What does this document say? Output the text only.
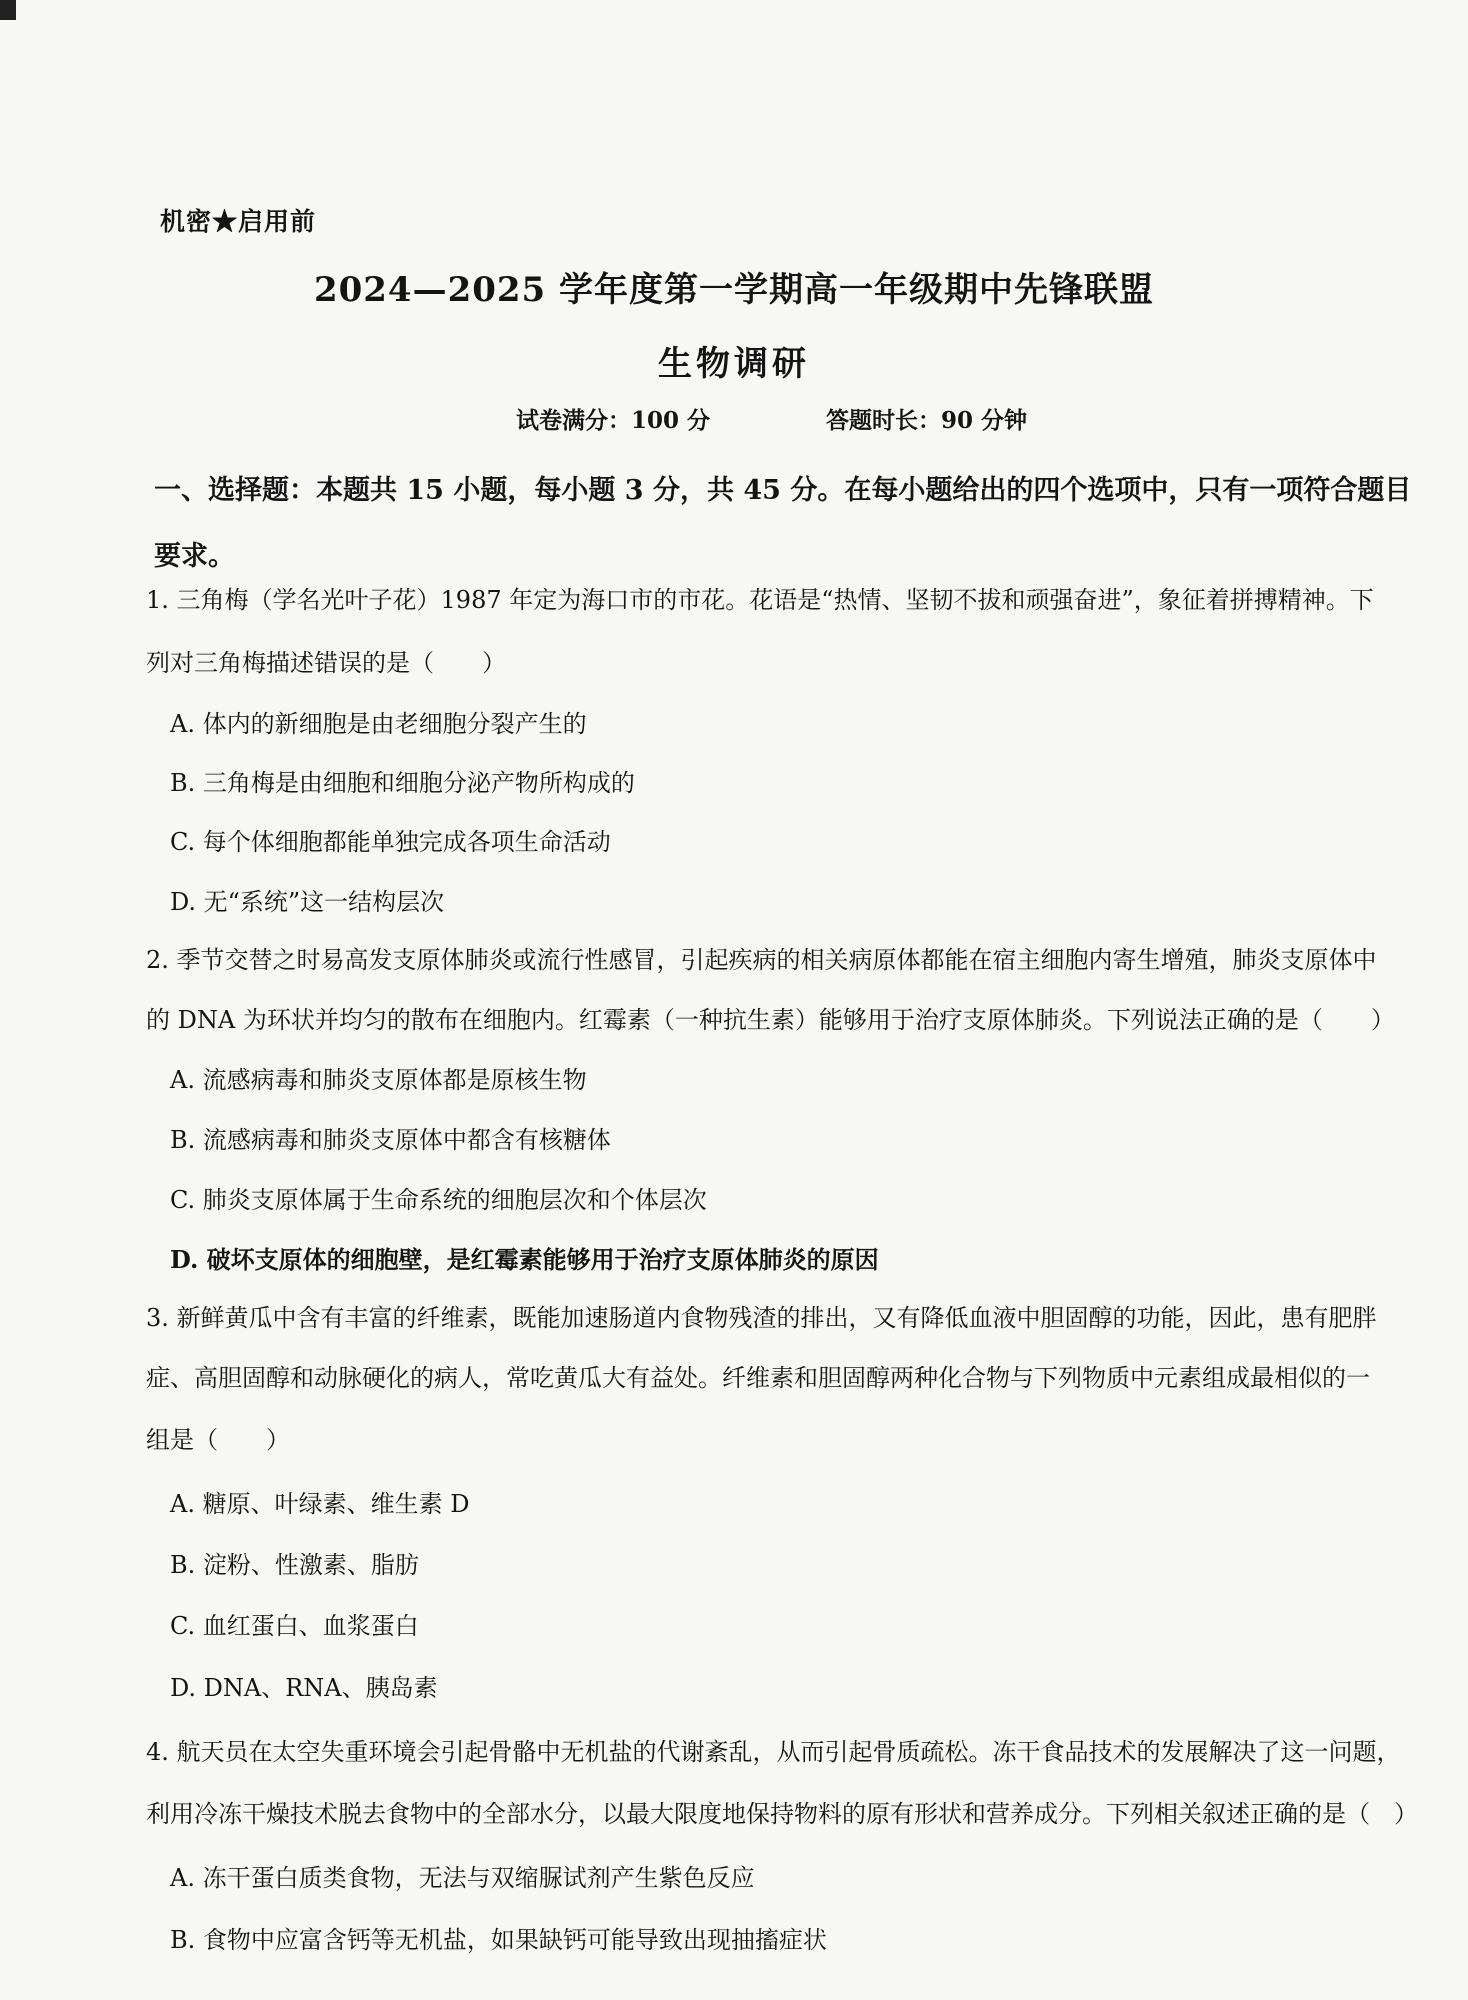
机密★启用前
2024—2025 学年度第一学期高一年级期中先锋联盟
生物调研
试卷满分：100 分	答题时长：90 分钟
一、选择题：本题共 15 小题，每小题 3 分，共 45 分。在每小题给出的四个选项中，只有一项符合题目要求。
1. 三角梅（学名光叶子花）1987 年定为海口市的市花。花语是“热情、坚韧不拔和顽强奋进”，象征着拼搏精神。下
列对三角梅描述错误的是（　　）
A. 体内的新细胞是由老细胞分裂产生的
B. 三角梅是由细胞和细胞分泌产物所构成的
C. 每个体细胞都能单独完成各项生命活动
D. 无“系统”这一结构层次
2. 季节交替之时易高发支原体肺炎或流行性感冒，引起疾病的相关病原体都能在宿主细胞内寄生增殖，肺炎支原体中
的 DNA 为环状并均匀的散布在细胞内。红霉素（一种抗生素）能够用于治疗支原体肺炎。下列说法正确的是（　　）
A. 流感病毒和肺炎支原体都是原核生物
B. 流感病毒和肺炎支原体中都含有核糖体
C. 肺炎支原体属于生命系统的细胞层次和个体层次
D. 破坏支原体的细胞壁，是红霉素能够用于治疗支原体肺炎的原因
3. 新鲜黄瓜中含有丰富的纤维素，既能加速肠道内食物残渣的排出，又有降低血液中胆固醇的功能，因此，患有肥胖
症、高胆固醇和动脉硬化的病人，常吃黄瓜大有益处。纤维素和胆固醇两种化合物与下列物质中元素组成最相似的一
组是（　　）
A. 糖原、叶绿素、维生素 D
B. 淀粉、性激素、脂肪
C. 血红蛋白、血浆蛋白
D. DNA、RNA、胰岛素
4. 航天员在太空失重环境会引起骨骼中无机盐的代谢紊乱，从而引起骨质疏松。冻干食品技术的发展解决了这一问题，
利用冷冻干燥技术脱去食物中的全部水分，以最大限度地保持物料的原有形状和营养成分。下列相关叙述正确的是（　）
A. 冻干蛋白质类食物，无法与双缩脲试剂产生紫色反应
B. 食物中应富含钙等无机盐，如果缺钙可能导致出现抽搐症状
